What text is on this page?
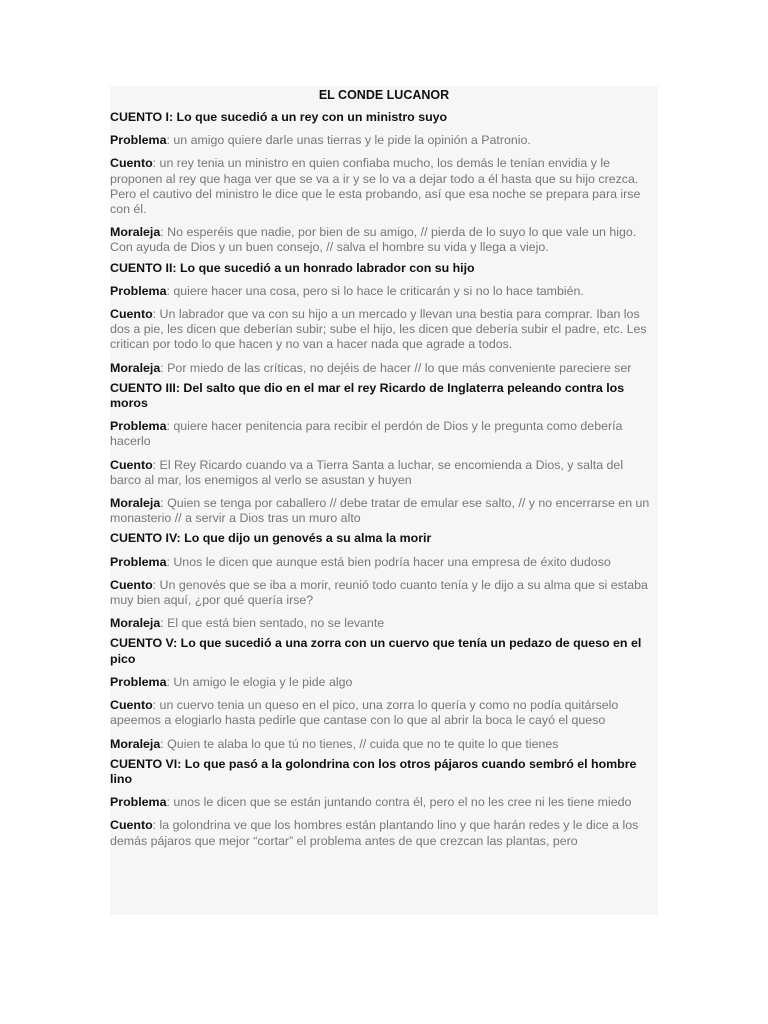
EL CONDE LUCANOR
CUENTO I: Lo que sucedió a un rey con un ministro suyo
Problema: un amigo quiere darle unas tierras y le pide la opinión a Patronio.
Cuento: un rey tenia un ministro en quien confiaba mucho, los demás le tenían envidia y le proponen al rey que haga ver que se va a ir y se lo va a dejar todo a él hasta que su hijo crezca. Pero el cautivo del ministro le dice que le esta probando, así que esa noche se prepara para irse con él.
Moraleja: No esperéis que nadie, por bien de su amigo, // pierda de lo suyo lo que vale un higo. Con ayuda de Dios y un buen consejo, // salva el hombre su vida y llega a viejo.
CUENTO II: Lo que sucedió a un honrado labrador con su hijo
Problema: quiere hacer una cosa, pero si lo hace le criticarán y si no lo hace también.
Cuento: Un labrador que va con su hijo a un mercado y llevan una bestia para comprar. Iban los dos a pie, les dicen que deberían subir; sube el hijo, les dicen que debería subir el padre, etc. Les critican por todo lo que hacen y no van a hacer nada que agrade a todos.
Moraleja: Por miedo de las críticas, no dejéis de hacer // lo que más conveniente pareciere ser
CUENTO III: Del salto que dio en el mar el rey Ricardo de Inglaterra peleando contra los moros
Problema: quiere hacer penitencia para recibir el perdón de Dios y le pregunta como debería hacerlo
Cuento: El Rey Ricardo cuando va a Tierra Santa a luchar, se encomienda a Dios, y salta del barco al mar, los enemigos al verlo se asustan y huyen
Moraleja: Quien se tenga por caballero // debe tratar de emular ese salto, // y no encerrarse en un monasterio // a servir a Dios tras un muro alto
CUENTO IV: Lo que dijo un genovés a su alma la morir
Problema: Unos le dicen que aunque está bien podría hacer una empresa de éxito dudoso
Cuento: Un genovés que se iba a morir, reunió todo cuanto tenía y le dijo a su alma que si estaba muy bien aquí, ¿por qué quería irse?
Moraleja: El que está bien sentado, no se levante
CUENTO V: Lo que sucedió a una zorra con un cuervo que tenía un pedazo de queso en el pico
Problema: Un amigo le elogia y le pide algo
Cuento: un cuervo tenia un queso en el pico, una zorra lo quería y como no podía quitárselo apeemos a elogiarlo hasta pedirle que cantase con lo que al abrir la boca le cayó el queso
Moraleja: Quien te alaba lo que tú no tienes, // cuida que no te quite lo que tienes
CUENTO VI: Lo que pasó a la golondrina con los otros pájaros cuando sembró el hombre lino
Problema: unos le dicen que se están juntando contra él, pero el no les cree ni les tiene miedo
Cuento: la golondrina ve que los hombres están plantando lino y que harán redes y le dice a los demás pájaros que mejor “cortar” el problema antes de que crezcan las plantas, pero
